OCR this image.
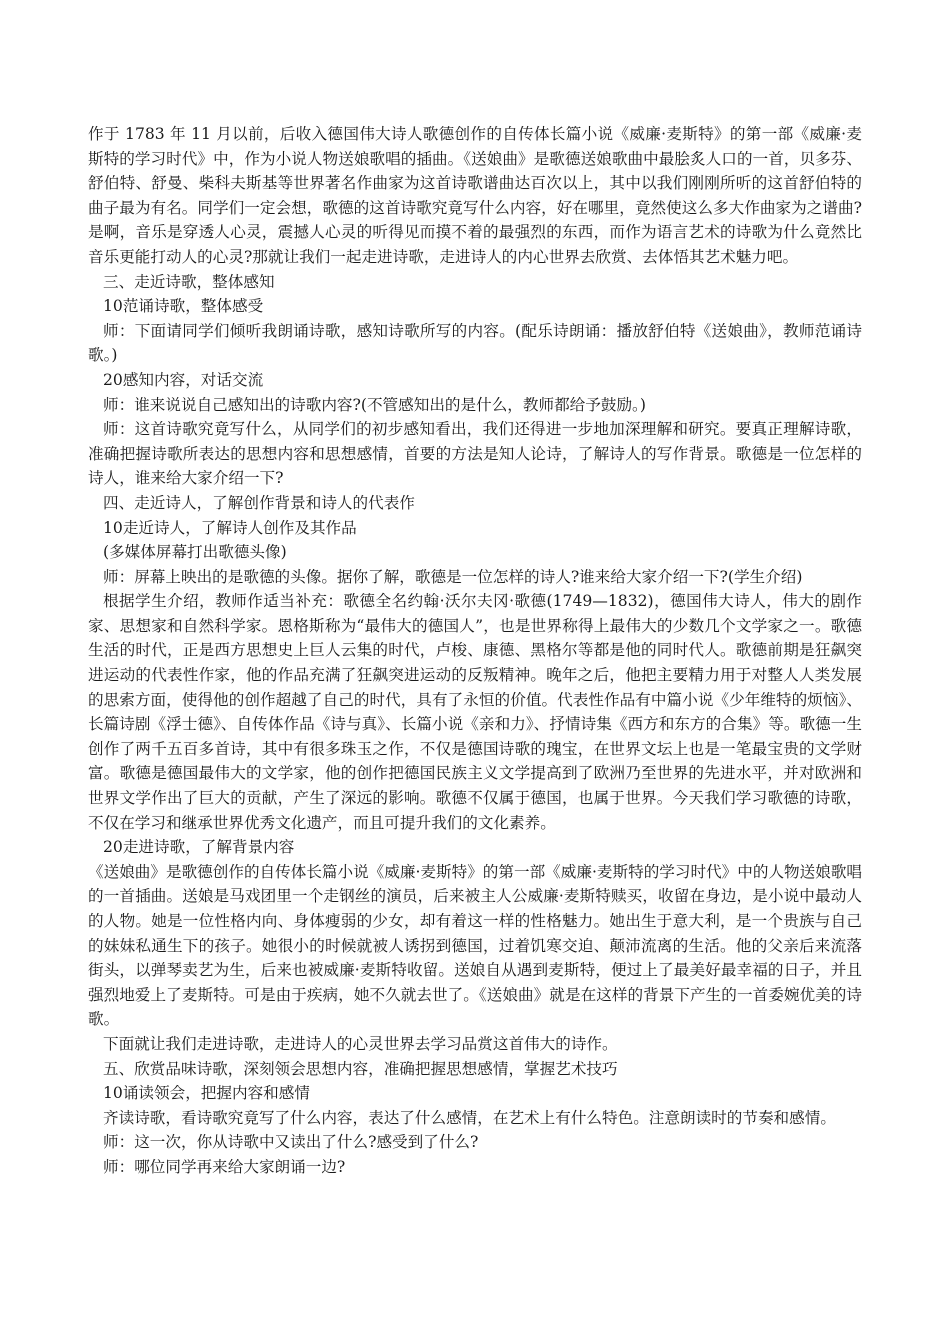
作于 1783 年 11 月以前，后收入德国伟大诗人歌德创作的自传体长篇小说《威廉·麦斯特》的第一部《威廉·麦斯特的学习时代》中，作为小说人物送娘歌唱的插曲。《送娘曲》是歌德送娘歌曲中最脍炙人口的一首，贝多芬、舒伯特、舒曼、柴科夫斯基等世界著名作曲家为这首诗歌谱曲达百次以上，其中以我们刚刚所听的这首舒伯特的曲子最为有名。同学们一定会想，歌德的这首诗歌究竟写什么内容，好在哪里，竟然使这么多大作曲家为之谱曲?是啊，音乐是穿透人心灵，震撼人心灵的听得见而摸不着的最强烈的东西，而作为语言艺术的诗歌为什么竟然比音乐更能打动人的心灵?那就让我们一起走进诗歌，走进诗人的内心世界去欣赏、去体悟其艺术魅力吧。

三、走近诗歌，整体感知

10范诵诗歌，整体感受

师：下面请同学们倾听我朗诵诗歌，感知诗歌所写的内容。(配乐诗朗诵：播放舒伯特《送娘曲》，教师范诵诗歌。)

20感知内容，对话交流

师：谁来说说自己感知出的诗歌内容?(不管感知出的是什么，教师都给予鼓励。)

师：这首诗歌究竟写什么，从同学们的初步感知看出，我们还得进一步地加深理解和研究。要真正理解诗歌，准确把握诗歌所表达的思想内容和思想感情，首要的方法是知人论诗，了解诗人的写作背景。歌德是一位怎样的诗人，谁来给大家介绍一下?

四、走近诗人，了解创作背景和诗人的代表作

10走近诗人，了解诗人创作及其作品

(多媒体屏幕打出歌德头像)

师：屏幕上映出的是歌德的头像。据你了解，歌德是一位怎样的诗人?谁来给大家介绍一下?(学生介绍)

根据学生介绍，教师作适当补充：歌德全名约翰·沃尔夫冈·歌德(1749—1832)，德国伟大诗人，伟大的剧作家、思想家和自然科学家。恩格斯称为“最伟大的德国人”，也是世界称得上最伟大的少数几个文学家之一。歌德生活的时代，正是西方思想史上巨人云集的时代，卢梭、康德、黑格尔等都是他的同时代人。歌德前期是狂飙突进运动的代表性作家，他的作品充满了狂飙突进运动的反叛精神。晚年之后，他把主要精力用于对整人人类发展的思索方面，使得他的创作超越了自己的时代，具有了永恒的价值。代表性作品有中篇小说《少年维特的烦恼》、长篇诗剧《浮士德》、自传体作品《诗与真》、长篇小说《亲和力》、抒情诗集《西方和东方的合集》等。歌德一生创作了两千五百多首诗，其中有很多珠玉之作，不仅是德国诗歌的瑰宝，在世界文坛上也是一笔最宝贵的文学财富。歌德是德国最伟大的文学家，他的创作把德国民族主义文学提高到了欧洲乃至世界的先进水平，并对欧洲和世界文学作出了巨大的贡献，产生了深远的影响。歌德不仅属于德国，也属于世界。今天我们学习歌德的诗歌，不仅在学习和继承世界优秀文化遗产，而且可提升我们的文化素养。

20走进诗歌，了解背景内容

《送娘曲》是歌德创作的自传体长篇小说《威廉·麦斯特》的第一部《威廉·麦斯特的学习时代》中的人物送娘歌唱的一首插曲。送娘是马戏团里一个走钢丝的演员，后来被主人公威廉·麦斯特赎买，收留在身边，是小说中最动人的人物。她是一位性格内向、身体瘦弱的少女，却有着这一样的性格魅力。她出生于意大利，是一个贵族与自己的妹妹私通生下的孩子。她很小的时候就被人诱拐到德国，过着饥寒交迫、颠沛流离的生活。他的父亲后来流落街头，以弹琴卖艺为生，后来也被威廉·麦斯特收留。送娘自从遇到麦斯特，便过上了最美好最幸福的日子，并且强烈地爱上了麦斯特。可是由于疾病，她不久就去世了。《送娘曲》就是在这样的背景下产生的一首委婉优美的诗歌。

下面就让我们走进诗歌，走进诗人的心灵世界去学习品赏这首伟大的诗作。

五、欣赏品味诗歌，深刻领会思想内容，准确把握思想感情，掌握艺术技巧

10诵读领会，把握内容和感情

齐读诗歌，看诗歌究竟写了什么内容，表达了什么感情，在艺术上有什么特色。注意朗读时的节奏和感情。

师：这一次，你从诗歌中又读出了什么?感受到了什么?

师：哪位同学再来给大家朗诵一边?
